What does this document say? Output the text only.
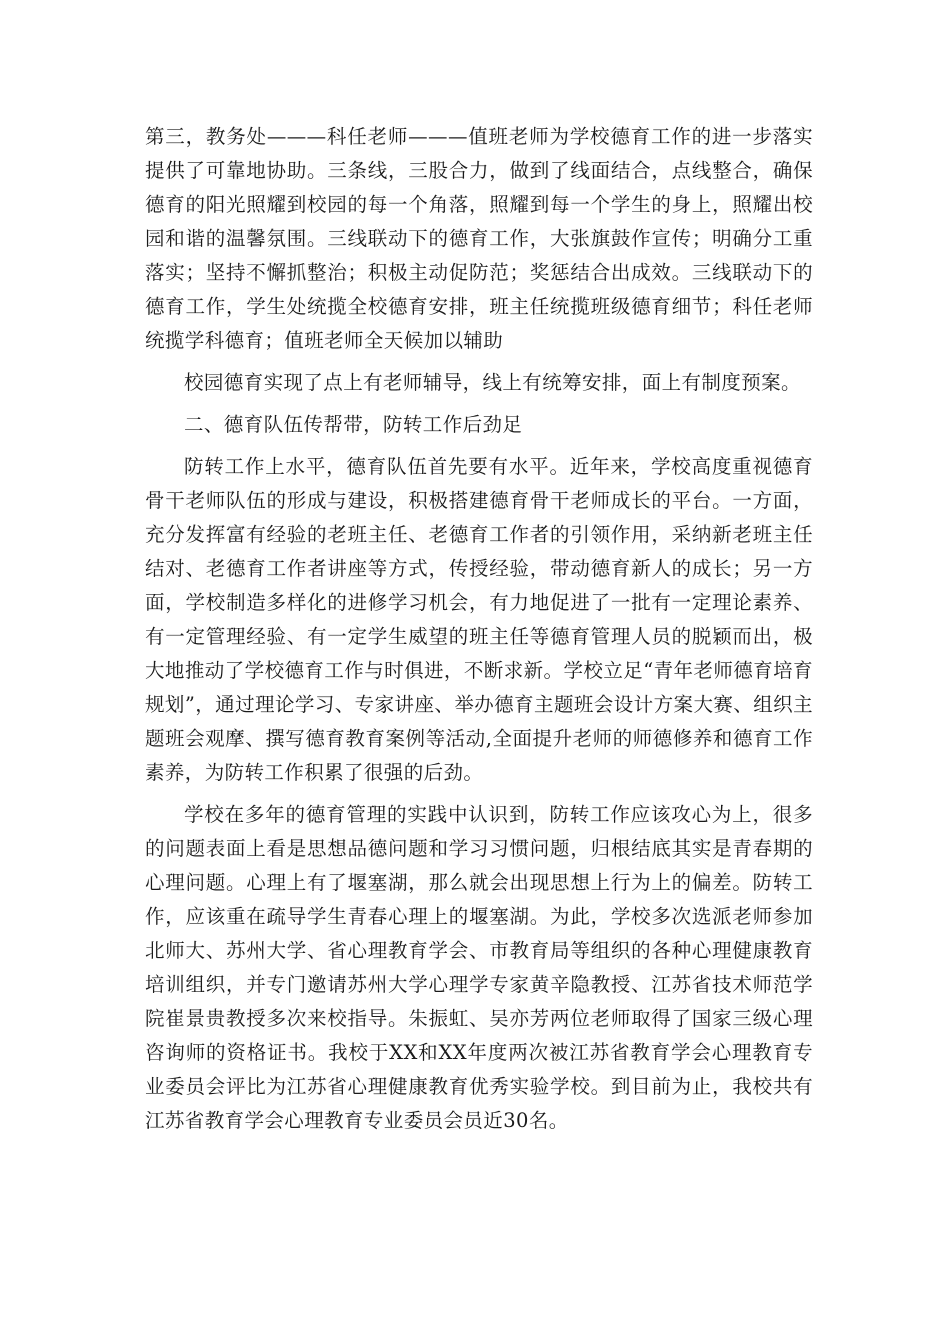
第三，教务处———科任老师———值班老师为学校德育工作的进一步落实提供了可靠地协助。三条线，三股合力，做到了线面结合，点线整合，确保德育的阳光照耀到校园的每一个角落，照耀到每一个学生的身上，照耀出校园和谐的温馨氛围。三线联动下的德育工作，大张旗鼓作宣传；明确分工重落实；坚持不懈抓整治；积极主动促防范；奖惩结合出成效。三线联动下的德育工作，学生处统揽全校德育安排，班主任统揽班级德育细节；科任老师统揽学科德育；值班老师全天候加以辅助

校园德育实现了点上有老师辅导，线上有统筹安排，面上有制度预案。

二、德育队伍传帮带，防转工作后劲足

防转工作上水平，德育队伍首先要有水平。近年来，学校高度重视德育骨干老师队伍的形成与建设，积极搭建德育骨干老师成长的平台。一方面，充分发挥富有经验的老班主任、老德育工作者的引领作用，采纳新老班主任结对、老德育工作者讲座等方式，传授经验，带动德育新人的成长；另一方面，学校制造多样化的进修学习机会，有力地促进了一批有一定理论素养、有一定管理经验、有一定学生威望的班主任等德育管理人员的脱颖而出，极大地推动了学校德育工作与时俱进，不断求新。学校立足“青年老师德育培育规划”，通过理论学习、专家讲座、举办德育主题班会设计方案大赛、组织主题班会观摩、撰写德育教育案例等活动,全面提升老师的师德修养和德育工作素养，为防转工作积累了很强的后劲。

学校在多年的德育管理的实践中认识到，防转工作应该攻心为上，很多的问题表面上看是思想品德问题和学习习惯问题，归根结底其实是青春期的心理问题。心理上有了堰塞湖，那么就会出现思想上行为上的偏差。防转工作，应该重在疏导学生青春心理上的堰塞湖。为此，学校多次选派老师参加北师大、苏州大学、省心理教育学会、市教育局等组织的各种心理健康教育培训组织，并专门邀请苏州大学心理学专家黄辛隐教授、江苏省技术师范学院崔景贵教授多次来校指导。朱振虹、吴亦芳两位老师取得了国家三级心理咨询师的资格证书。我校于XX和XX年度两次被江苏省教育学会心理教育专业委员会评比为江苏省心理健康教育优秀实验学校。到目前为止，我校共有江苏省教育学会心理教育专业委员会员近30名。
